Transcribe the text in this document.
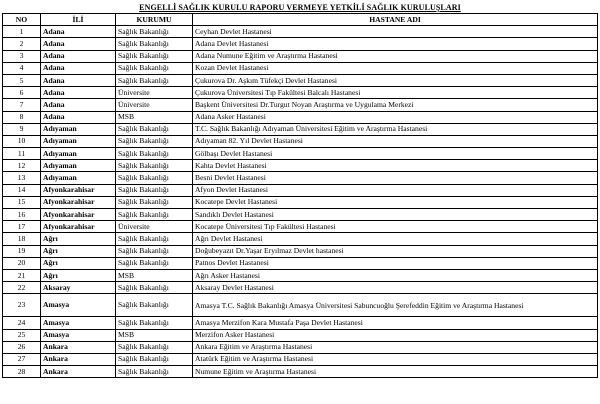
ENGELLİ SAĞLIK KURULU RAPORU VERMEYE YETKİLİ SAĞLIK KURULUŞLARI
NO	İLİ	KURUMU	HASTANE ADI
1	Adana	Sağlık Bakanlığı	Ceyhan Devlet Hastanesi
2	Adana	Sağlık Bakanlığı	Adana Devlet Hastanesi
3	Adana	Sağlık Bakanlığı	Adana Numune Eğitim ve Araştırma Hastanesi
4	Adana	Sağlık Bakanlığı	Kozan Devlet Hastanesi
5	Adana	Sağlık Bakanlığı	Çukurova Dr. Aşkım Tüfekçi Devlet Hastanesi
6	Adana	Üniversite	Çukurova Üniversitesi Tıp Fakültesi Balcalı Hastanesi
7	Adana	Üniversite	Başkent Üniversitesi Dr.Turgut Noyan Araştırma ve Uygulama Merkezi
8	Adana	MSB	Adana Asker Hastanesi
9	Adıyaman	Sağlık Bakanlığı	T.C. Sağlık Bakanlığı Adıyaman Üniversitesi Eğitim ve Araştırma Hastanesi
10	Adıyaman	Sağlık Bakanlığı	Adıyaman 82. Yıl Devlet Hastanesi
11	Adıyaman	Sağlık Bakanlığı	Gölbaşı Devlet Hastanesi
12	Adıyaman	Sağlık Bakanlığı	Kahta Devlet Hastanesi
13	Adıyaman	Sağlık Bakanlığı	Besni Devlet Hastanesi
14	Afyonkarahisar	Sağlık Bakanlığı	Afyon Devlet Hastanesi
15	Afyonkarahisar	Sağlık Bakanlığı	Kocatepe Devlet Hastanesi
16	Afyonkarahisar	Sağlık Bakanlığı	Sandıklı Devlet Hastanesi
17	Afyonkarahisar	Üniversite	Kocatepe Üniversitesi Tıp Fakültesi Hastanesi
18	Ağrı	Sağlık Bakanlığı	Ağrı Devlet Hastanesi
19	Ağrı	Sağlık Bakanlığı	Doğubeyazıt Dr.Yaşar Eryılmaz Devlet hastanesi
20	Ağrı	Sağlık Bakanlığı	Patnos Devlet Hastanesi
21	Ağrı	MSB	Ağrı Asker Hastanesi
22	Aksaray	Sağlık Bakanlığı	Aksaray Devlet Hastanesi
23	Amasya	Sağlık Bakanlığı	Amasya T.C. Sağlık Bakanlığı Amasya Üniversitesi Sabuncuoğlu Şerefeddin Eğitim ve Araştırma Hastanesi
24	Amasya	Sağlık Bakanlığı	Amasya Merzifon Kara Mustafa Paşa Devlet Hastanesi
25	Amasya	MSB	Merzifon Asker Hastanesi
26	Ankara	Sağlık Bakanlığı	Ankara Eğitim ve Araştırma Hastanesi
27	Ankara	Sağlık Bakanlığı	Atatürk Eğitim ve Araştırma Hastanesi
28	Ankara	Sağlık Bakanlığı	Numune Eğitim ve Araştırma Hastanesi
